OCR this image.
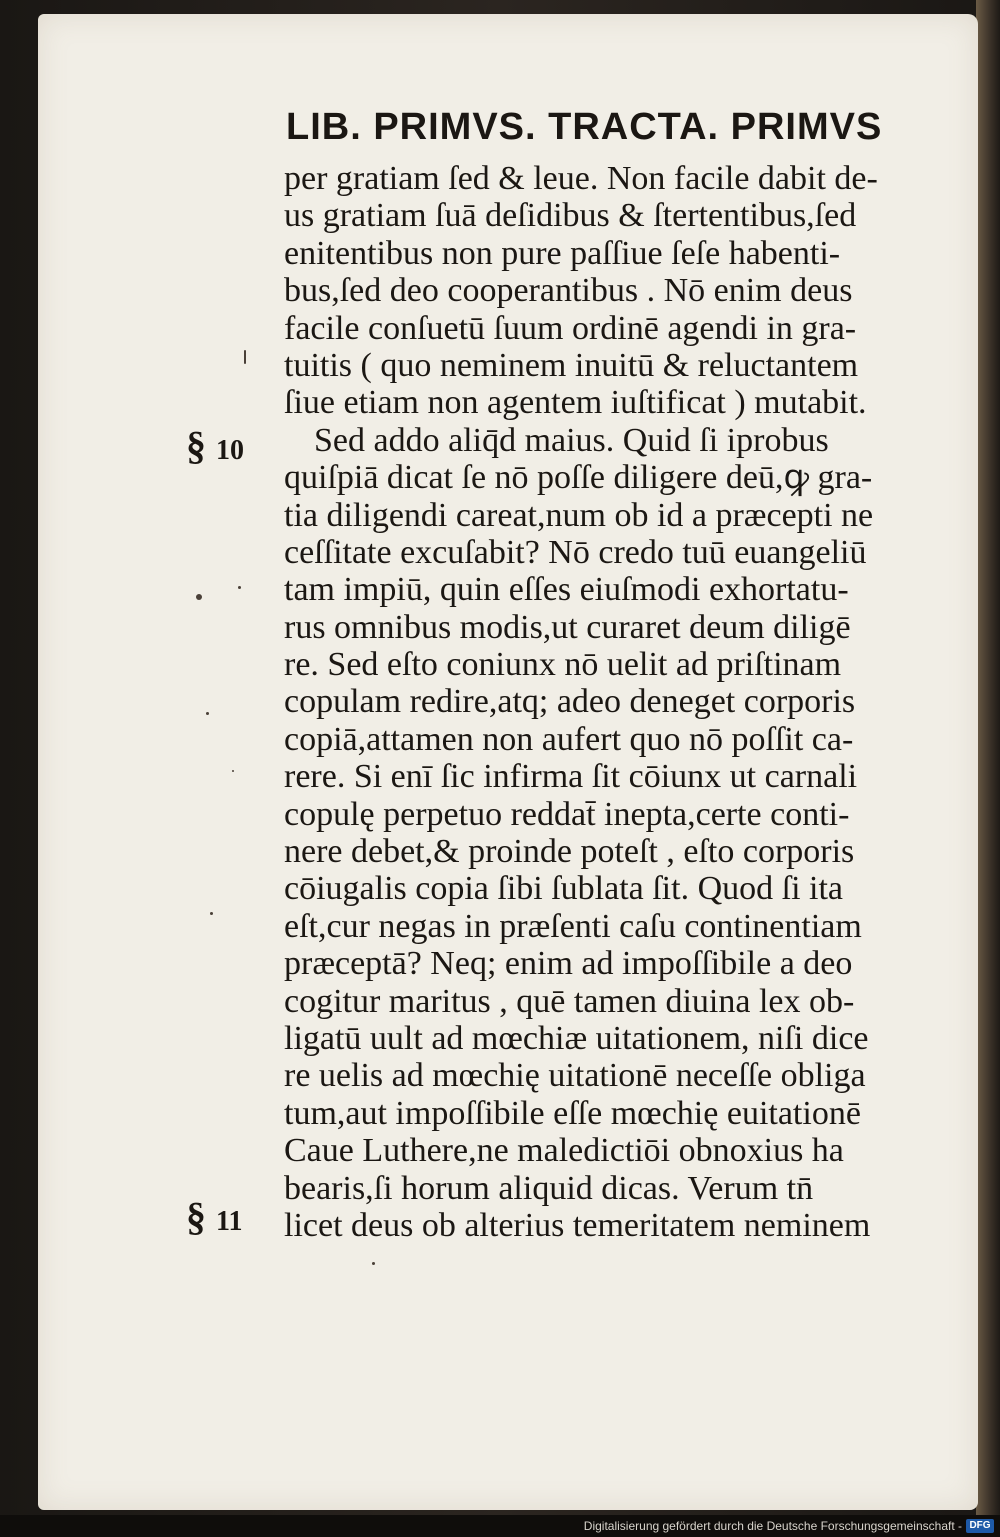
LIB. PRIMVS. TRACTA. PRIMVS
per gratiam ſed & leue. Non facile dabit de-
us gratiam ſuā deſidibus & ſtertentibus,ſed
enitentibus non pure paſſiue ſeſe habenti-
bus,ſed deo cooperantibus . Nō enim deus
facile conſuetū ſuum ordinē agendi in gra-
tuitis ( quo neminem inuitū & reluctantem
ſiue etiam non agentem iuſtificat ) mutabit.
Sed addo aliq̄d maius. Quid ſi iprobus
quiſpiā dicat ſe nō poſſe diligere deū,ꝙ gra-
tia diligendi careat,num ob id a præcepti ne
ceſſitate excuſabit? Nō credo tuū euangeliū
tam impiū, quin eſſes eiuſmodi exhortatu-
rus omnibus modis,ut curaret deum diligē
re. Sed eſto coniunx nō uelit ad priſtinam
copulam redire,atq; adeo deneget corporis
copiā,attamen non aufert quo nō poſſit ca-
rere. Si enī ſic infirma ſit cōiunx ut carnali
copulę perpetuo reddat̄ inepta,certe conti-
nere debet,& proinde poteſt , eſto corporis
cōiugalis copia ſibi ſublata ſit. Quod ſi ita
eſt,cur negas in præſenti caſu continentiam
præceptā? Neq; enim ad impoſſibile a deo
cogitur maritus , quē tamen diuina lex ob-
ligatū uult ad mœchiæ uitationem, niſi dice
re uelis ad mœchię uitationē neceſſe obliga
tum,aut impoſſibile eſſe mœchię euitationē
Caue Luthere,ne maledictiōi obnoxius ha
bearis,ſi horum aliquid dicas. Verum tn̄
licet deus ob alterius temeritatem neminem
§ 10
§ 11
Digitalisierung gefördert durch die Deutsche Forschungsgemeinschaft - DFG
